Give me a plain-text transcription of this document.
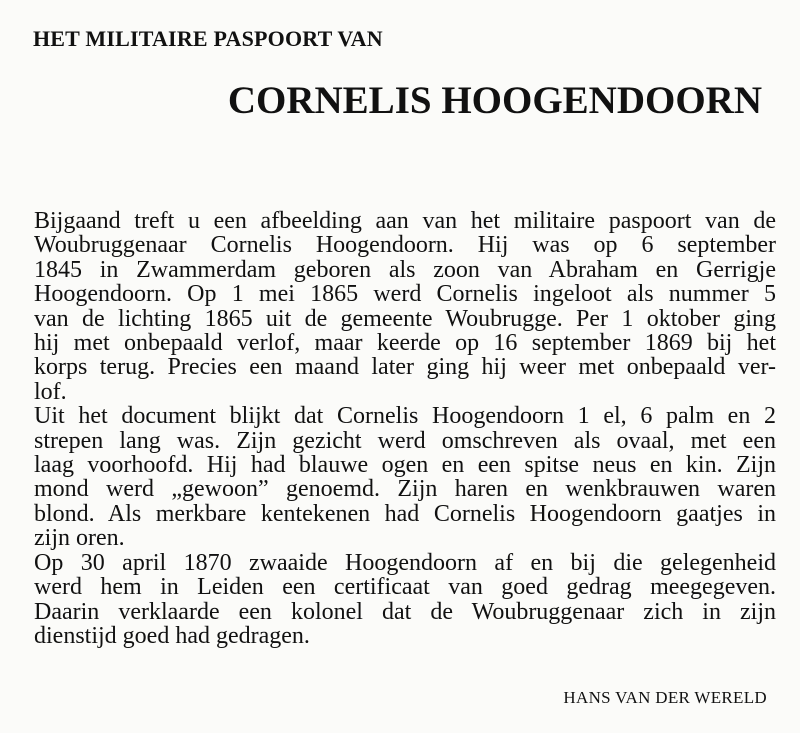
HET MILITAIRE PASPOORT VAN
CORNELIS HOOGENDOORN
Bijgaand treft u een afbeelding aan van het militaire paspoort van de
Woubruggenaar Cornelis Hoogendoorn. Hij was op 6 september
1845 in Zwammerdam geboren als zoon van Abraham en Gerrigje
Hoogendoorn. Op 1 mei 1865 werd Cornelis ingeloot als nummer 5
van de lichting 1865 uit de gemeente Woubrugge. Per 1 oktober ging
hij met onbepaald verlof, maar keerde op 16 september 1869 bij het
korps terug. Precies een maand later ging hij weer met onbepaald ver-
lof.
Uit het document blijkt dat Cornelis Hoogendoorn 1 el, 6 palm en 2
strepen lang was. Zijn gezicht werd omschreven als ovaal, met een
laag voorhoofd. Hij had blauwe ogen en een spitse neus en kin. Zijn
mond werd „gewoon” genoemd. Zijn haren en wenkbrauwen waren
blond. Als merkbare kentekenen had Cornelis Hoogendoorn gaatjes in
zijn oren.
Op 30 april 1870 zwaaide Hoogendoorn af en bij die gelegenheid
werd hem in Leiden een certificaat van goed gedrag meegegeven.
Daarin verklaarde een kolonel dat de Woubruggenaar zich in zijn
dienstijd goed had gedragen.
HANS VAN DER WERELD
